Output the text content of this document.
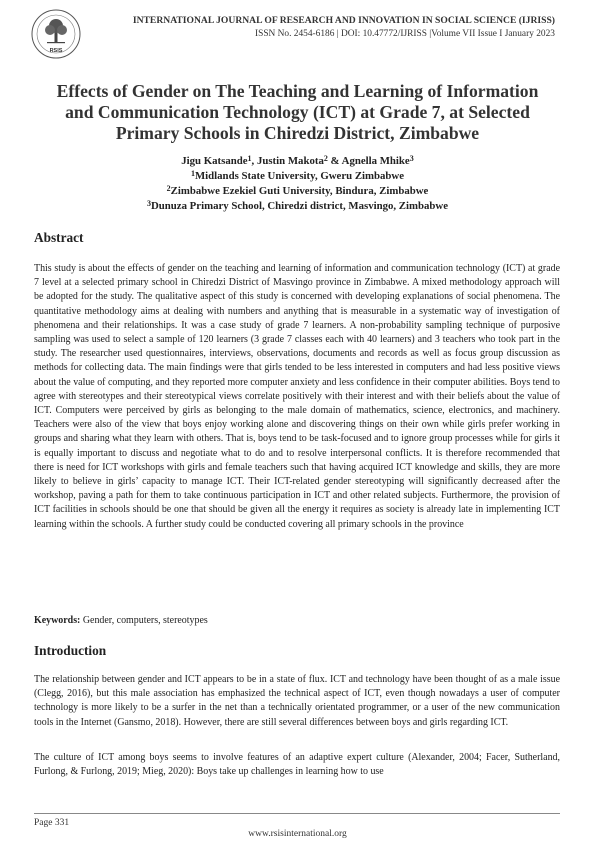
RSIS
INTERNATIONAL JOURNAL OF RESEARCH AND INNOVATION IN SOCIAL SCIENCE (IJRISS)
ISSN No. 2454-6186 | DOI: 10.47772/IJRISS |Volume VII Issue I January 2023
Effects of Gender on The Teaching and Learning of Information
and Communication Technology (ICT) at Grade 7, at Selected
Primary Schools in Chiredzi District, Zimbabwe
Jigu Katsande$^1$, Justin Makota$^2$ & Agnella Mhike$^3$
$^1$Midlands State University, Gweru Zimbabwe
$^2$Zimbabwe Ezekiel Guti University, Bindura, Zimbabwe
$^3$Dunuza Primary School, Chiredzi district, Masvingo, Zimbabwe
Abstract

This study is about the effects of gender on the teaching and learning of information and communication technology (ICT) at grade 7 level at a selected primary school in Chiredzi District of Masvingo province in Zimbabwe. A mixed methodology approach will be adopted for the study. The qualitative aspect of this study is concerned with developing explanations of social phenomena. The quantitative methodology aims at dealing with numbers and anything that is measurable in a systematic way of investigation of phenomena and their relationships. It was a case study of grade 7 learners. A non-probability sampling technique of purposive sampling was used to select a sample of 120 learners (3 grade 7 classes each with 40 learners) and 3 teachers who took part in the study. The researcher used questionnaires, interviews, observations, documents and records as well as focus group discussion as methods for collecting data. The main findings were that girls tended to be less interested in computers and had less positive views about the value of computing, and they reported more computer anxiety and less confidence in their computer abilities. Boys tend to agree with stereotypes and their stereotypical views correlate positively with their interest and with their beliefs about the value of ICT. Computers were perceived by girls as belonging to the male domain of mathematics, science, electronics, and machinery. Teachers were also of the view that boys enjoy working alone and discovering things on their own while girls prefer working in groups and sharing what they learn with others. That is, boys tend to be task-focused and to ignore group processes while for girls it is equally important to discuss and negotiate what to do and to resolve interpersonal conflicts. It is therefore recommended that there is need for ICT workshops with girls and female teachers such that having acquired ICT knowledge and skills, they are more likely to believe in girls’ capacity to manage ICT. Their ICT-related gender stereotyping will significantly decreased after the workshop, paving a path for them to take continuous participation in ICT and other related subjects. Furthermore, the provision of ICT facilities in schools should be one that should be given all the energy it requires as society is already late in implementing ICT learning within the schools. A further study could be conducted covering all primary schools in the province

Keywords: Gender, computers, stereotypes
Introduction

The relationship between gender and ICT appears to be in a state of flux. ICT and technology have been thought of as a male issue (Clegg, 2016), but this male association has emphasized the technical aspect of ICT, even though nowadays a user of computer technology is more likely to be a surfer in the net than a technically orientated programmer, or a user of the new communication tools in the Internet (Gansmo, 2018). However, there are still several differences between boys and girls regarding ICT.

The culture of ICT among boys seems to involve features of an adaptive expert culture (Alexander, 2004; Facer, Sutherland, Furlong, & Furlong, 2019; Mieg, 2020): Boys take up challenges in learning how to use

Page 331
www.rsisinternational.org
